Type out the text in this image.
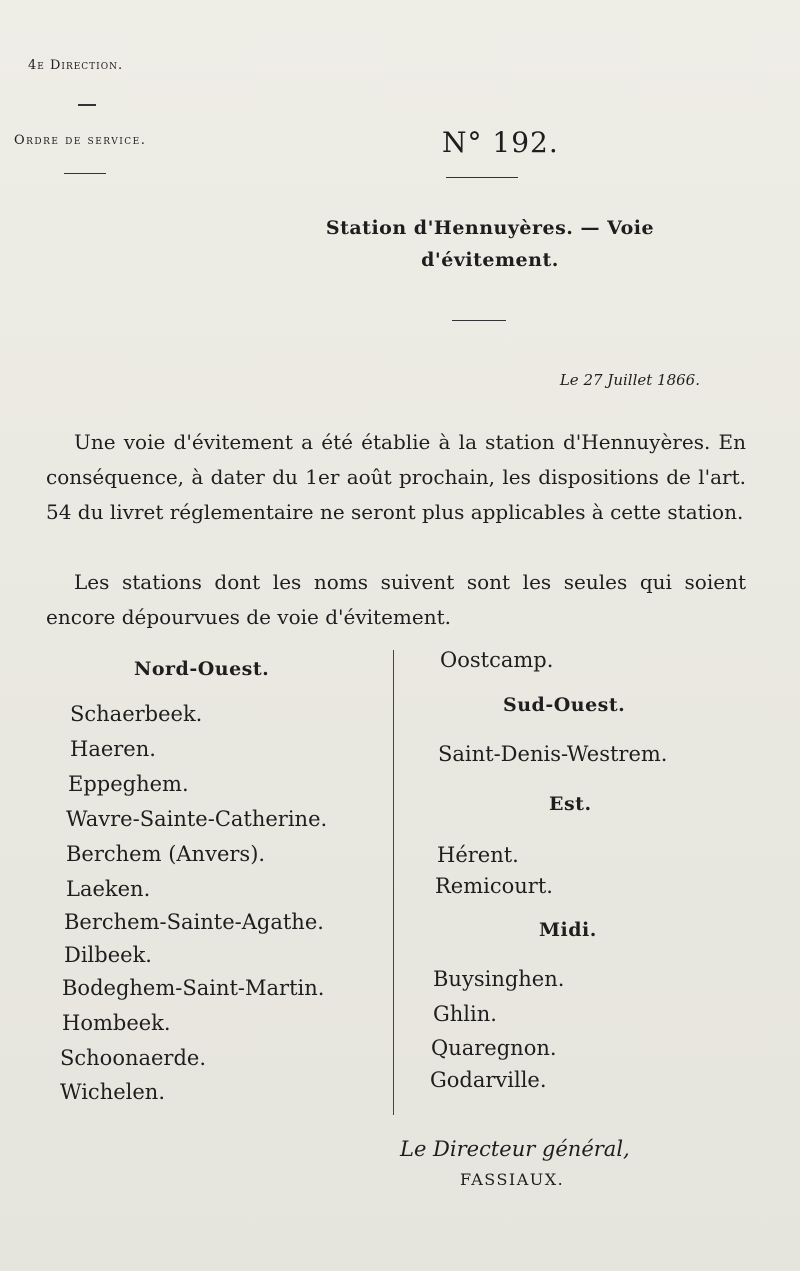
4e Direction.
Ordre de service.	N° 192.
Station d'Hennuyères. — Voie
d'évitement.
Le 27 Juillet 1866.
Une voie d'évitement a été établie à la station d'Hennuyères. En conséquence, à dater du 1er août prochain, les dispositions de l'art. 54 du livret réglementaire ne seront plus applicables à cette station.
Les stations dont les noms suivent sont les seules qui soient encore dépourvues de voie d'évitement.
Nord-Ouest.
Schaerbeek.
Haeren.
Eppeghem.
Wavre-Sainte-Catherine.
Berchem (Anvers).
Laeken.
Berchem-Sainte-Agathe.
Dilbeek.
Bodeghem-Saint-Martin.
Hombeek.
Schoonaerde.
Wichelen.
Oostcamp.
Sud-Ouest.
Saint-Denis-Westrem.
Est.
Hérent.
Remicourt.
Midi.
Buysinghen.
Ghlin.
Quaregnon.
Godarville.
Le Directeur général,
FASSIAUX.
